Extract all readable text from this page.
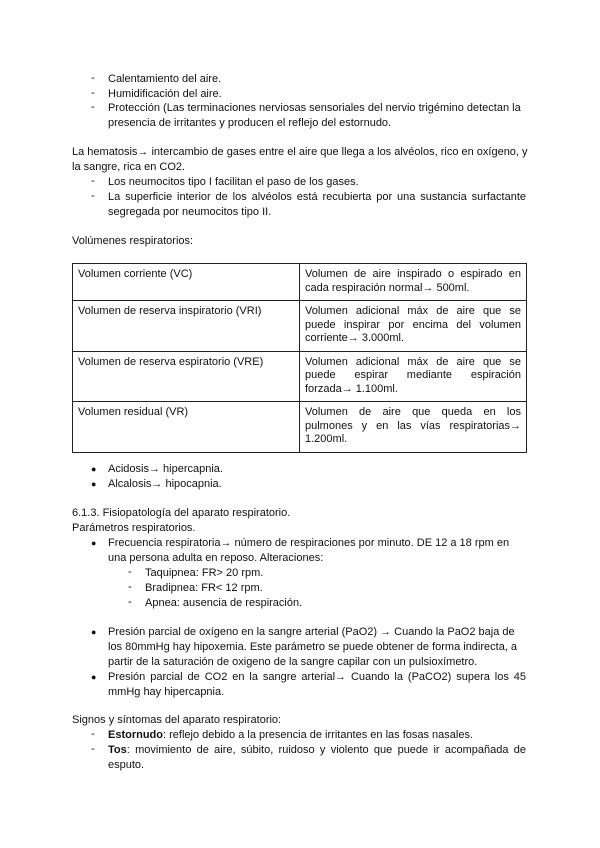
- Calentamiento del aire.
- Humidificación del aire.
- Protección (Las terminaciones nerviosas sensoriales del nervio trigémino detectan la presencia de irritantes y producen el reflejo del estornudo.
La hematosis→ intercambio de gases entre el aire que llega a los alvéolos, rico en oxígeno, y la sangre, rica en CO2.
- Los neumocitos tipo I facilitan el paso de los gases.
- La superficie interior de los alvéolos está recubierta por una sustancia surfactante segregada por neumocitos tipo II.
Volúmenes respiratorios:
Volumen corriente (VC)	Volumen de aire inspirado o espirado en cada respiración normal→ 500ml.
Volumen de reserva inspiratorio (VRI)	Volumen adicional máx de aire que se puede inspirar por encima del volumen corriente→ 3.000ml.
Volumen de reserva espiratorio (VRE)	Volumen adicional máx de aire que se puede espirar mediante espiración forzada→ 1.100ml.
Volumen residual (VR)	Volumen de aire que queda en los pulmones y en las vías respiratorias→ 1.200ml.
● Acidosis→ hipercapnia.
● Alcalosis→ hipocapnia.
6.1.3. Fisiopatología del aparato respiratorio.
Parámetros respiratorios.
● Frecuencia respiratoria→ número de respiraciones por minuto. DE 12 a 18 rpm en una persona adulta en reposo. Alteraciones:
- Taquipnea: FR> 20 rpm.
- Bradipnea: FR< 12 rpm.
- Apnea: ausencia de respiración.
● Presión parcial de oxígeno en la sangre arterial (PaO2) → Cuando la PaO2 baja de los 80mmHg hay hipoxemia. Este parámetro se puede obtener de forma indirecta, a partir de la saturación de oxigeno de la sangre capilar con un pulsioxímetro.
● Presión parcial de CO2 en la sangre arterial→ Cuando la (PaCO2) supera los 45 mmHg hay hipercapnia.
Signos y síntomas del aparato respiratorio:
- Estornudo: reflejo debido a la presencia de irritantes en las fosas nasales.
- Tos: movimiento de aire, súbito, ruidoso y violento que puede ir acompañada de esputo.
